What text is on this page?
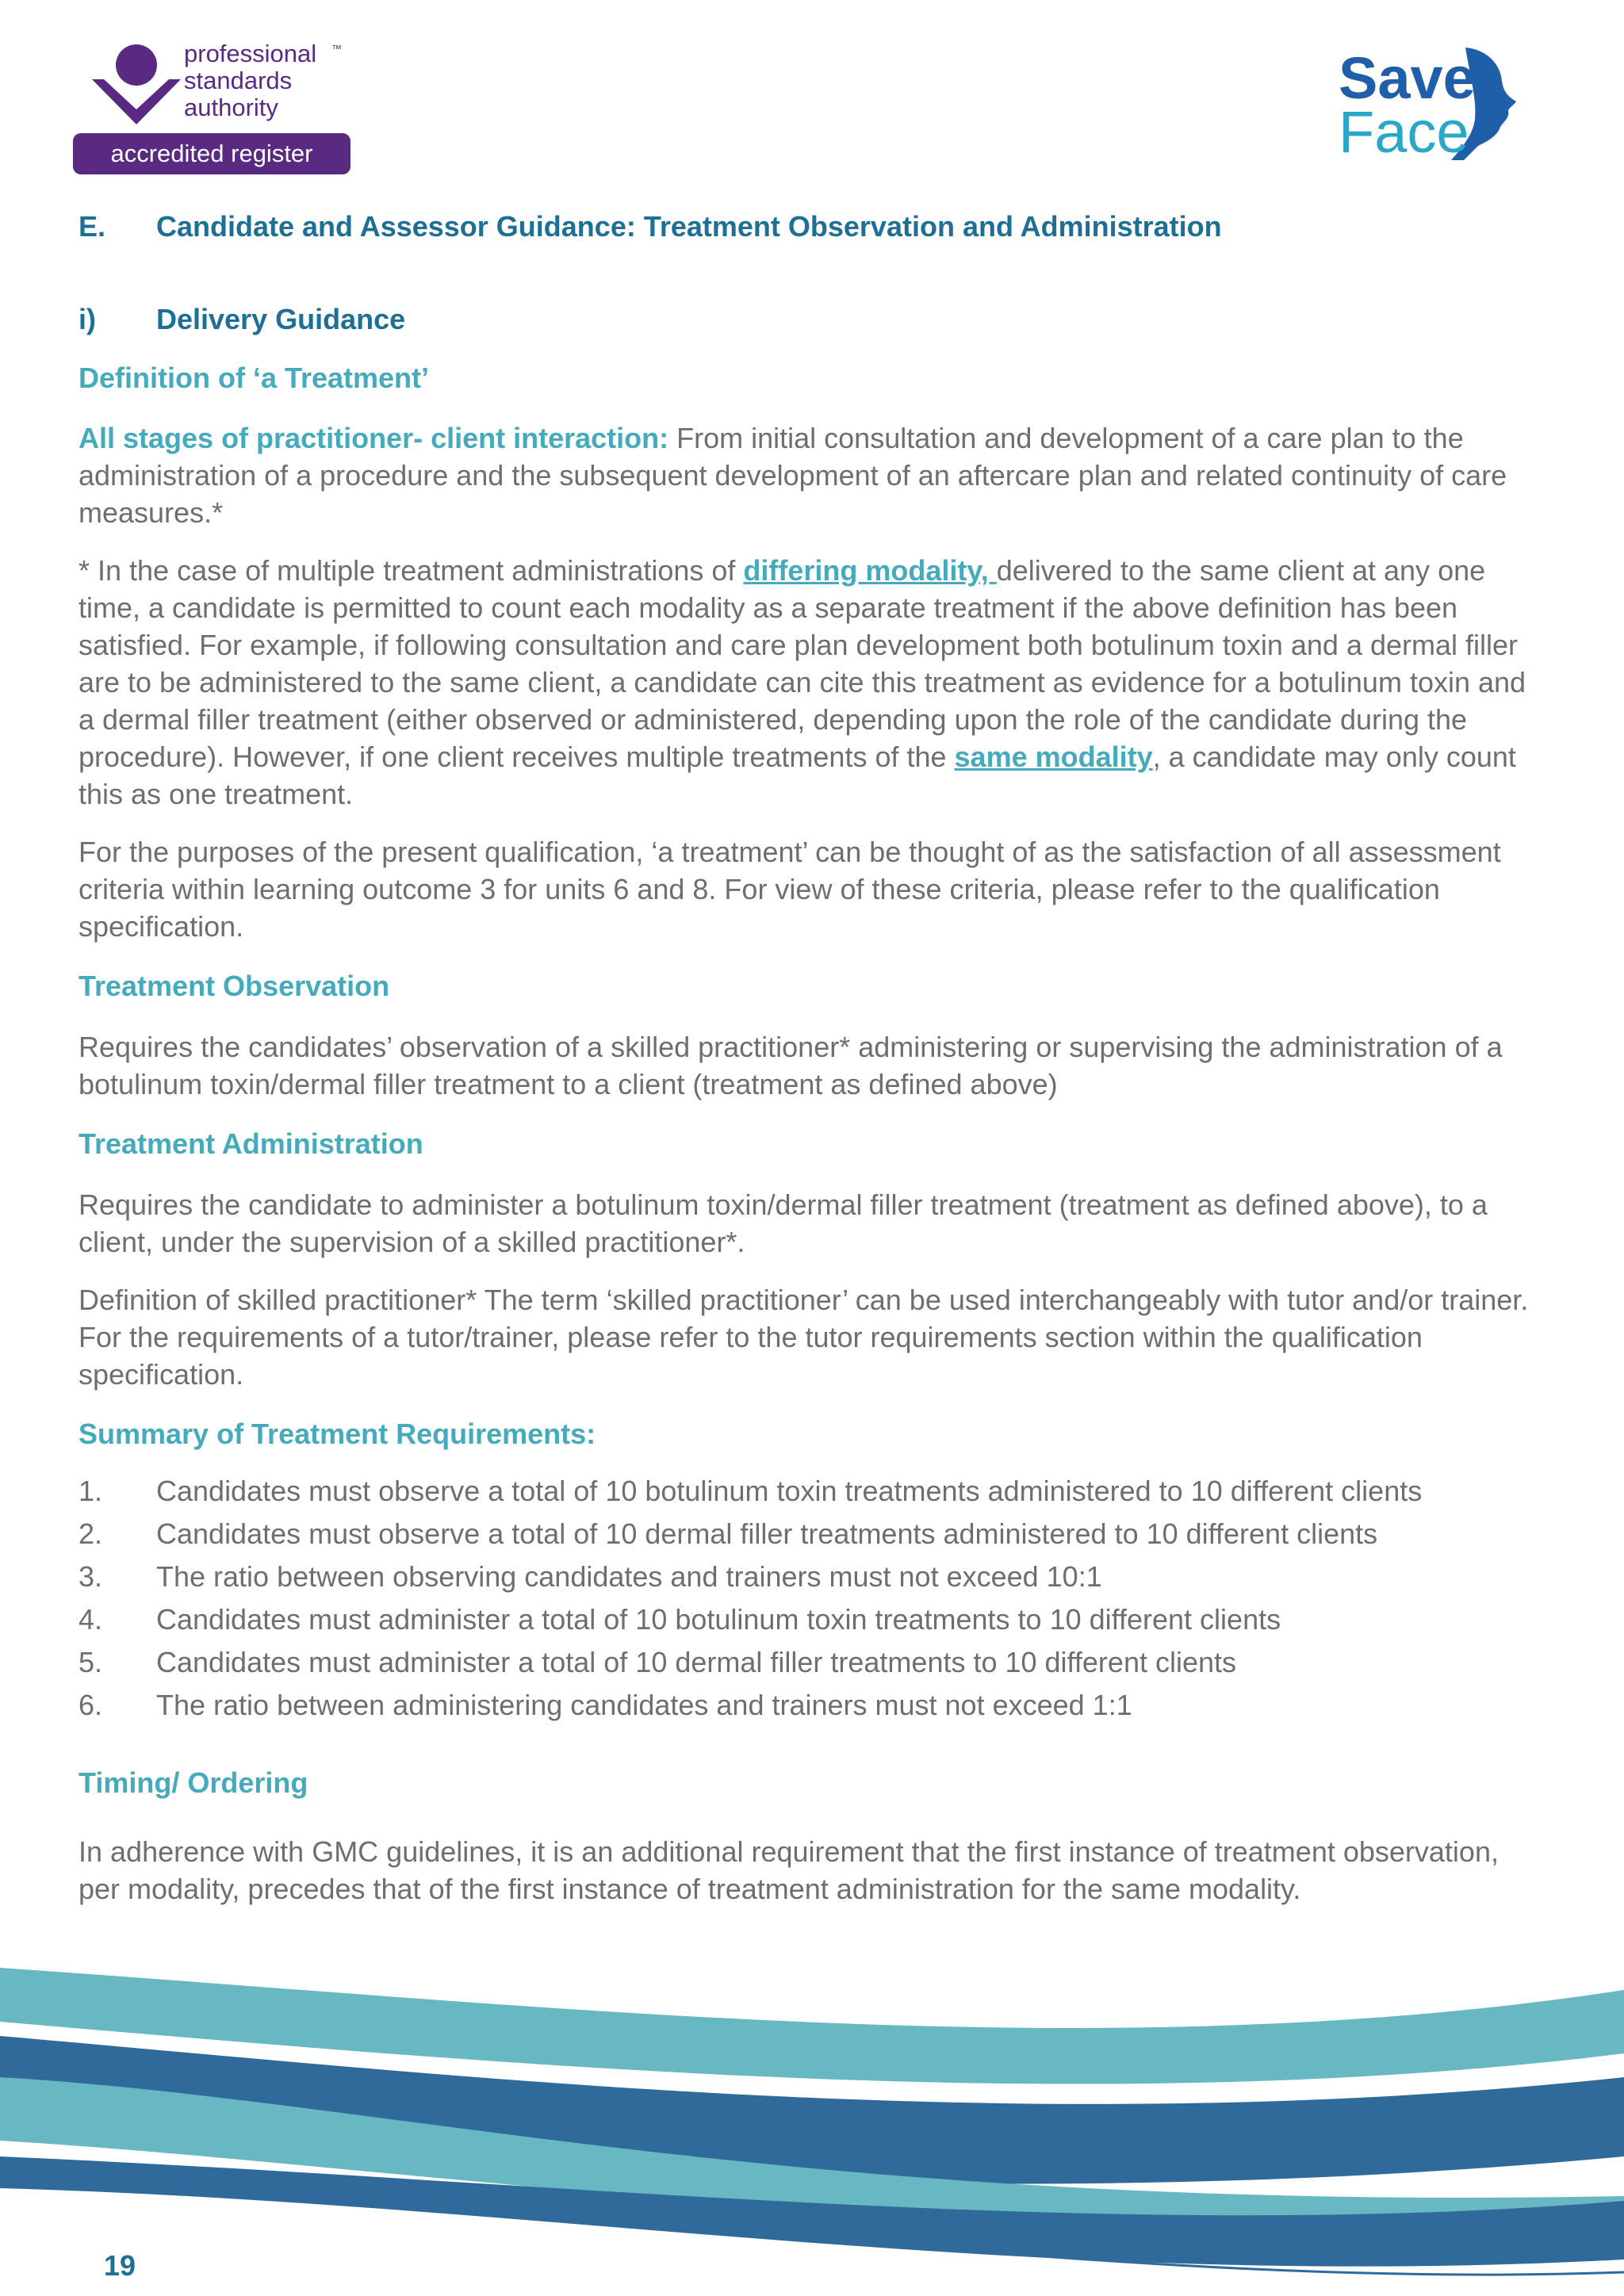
professional ™
standards
authority
accredited register
Save
Face
E.	Candidate and Assessor Guidance: Treatment Observation and Administration
i)	Delivery Guidance
Definition of ‘a Treatment’

All stages of practitioner- client interaction: From initial consultation and development of a care plan to the administration of a procedure and the subsequent development of an aftercare plan and related continuity of care measures.*

* In the case of multiple treatment administrations of differing modality, delivered to the same client at any one time, a candidate is permitted to count each modality as a separate treatment if the above definition has been satisfied. For example, if following consultation and care plan development both botulinum toxin and a dermal filler are to be administered to the same client, a candidate can cite this treatment as evidence for a botulinum toxin and a dermal filler treatment (either observed or administered, depending upon the role of the candidate during the procedure). However, if one client receives multiple treatments of the same modality, a candidate may only count this as one treatment.

For the purposes of the present qualification, ‘a treatment’ can be thought of as the satisfaction of all assessment criteria within learning outcome 3 for units 6 and 8. For view of these criteria, please refer to the qualification specification.

Treatment Observation

Requires the candidates’ observation of a skilled practitioner* administering or supervising the administration of a botulinum toxin/dermal filler treatment to a client (treatment as defined above)

Treatment Administration

Requires the candidate to administer a botulinum toxin/dermal filler treatment (treatment as defined above), to a client, under the supervision of a skilled practitioner*.

Definition of skilled practitioner* The term ‘skilled practitioner’ can be used interchangeably with tutor and/or trainer. For the requirements of a tutor/trainer, please refer to the tutor requirements section within the qualification specification.

Summary of Treatment Requirements:
1.	Candidates must observe a total of 10 botulinum toxin treatments administered to 10 different clients
2.	Candidates must observe a total of 10 dermal filler treatments administered to 10 different clients
3.	The ratio between observing candidates and trainers must not exceed 10:1
4.	Candidates must administer a total of 10 botulinum toxin treatments to 10 different clients
5.	Candidates must administer a total of 10 dermal filler treatments to 10 different clients
6.	The ratio between administering candidates and trainers must not exceed 1:1
Timing/ Ordering

In adherence with GMC guidelines, it is an additional requirement that the first instance of treatment observation, per modality, precedes that of the first instance of treatment administration for the same modality.

19
